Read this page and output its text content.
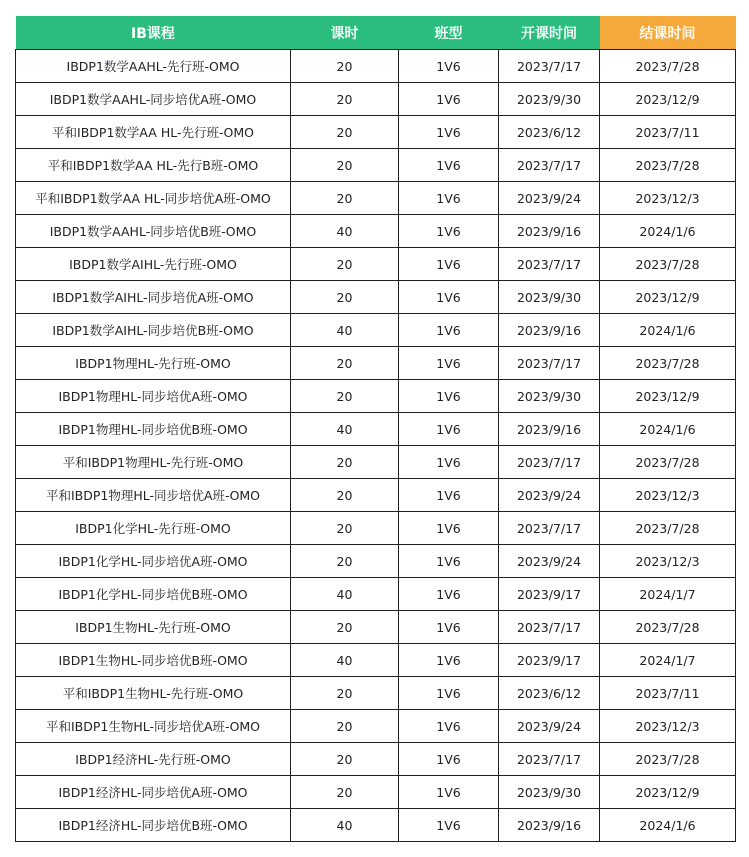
IB课程	课时	班型	开课时间	结课时间
IBDP1数学AAHL-先行班-OMO	20	1V6	2023/7/17	2023/7/28
IBDP1数学AAHL-同步培优A班-OMO	20	1V6	2023/9/30	2023/12/9
平和IBDP1数学AA HL-先行班-OMO	20	1V6	2023/6/12	2023/7/11
平和IBDP1数学AA HL-先行B班-OMO	20	1V6	2023/7/17	2023/7/28
平和IBDP1数学AA HL-同步培优A班-OMO	20	1V6	2023/9/24	2023/12/3
IBDP1数学AAHL-同步培优B班-OMO	40	1V6	2023/9/16	2024/1/6
IBDP1数学AIHL-先行班-OMO	20	1V6	2023/7/17	2023/7/28
IBDP1数学AIHL-同步培优A班-OMO	20	1V6	2023/9/30	2023/12/9
IBDP1数学AIHL-同步培优B班-OMO	40	1V6	2023/9/16	2024/1/6
IBDP1物理HL-先行班-OMO	20	1V6	2023/7/17	2023/7/28
IBDP1物理HL-同步培优A班-OMO	20	1V6	2023/9/30	2023/12/9
IBDP1物理HL-同步培优B班-OMO	40	1V6	2023/9/16	2024/1/6
平和IBDP1物理HL-先行班-OMO	20	1V6	2023/7/17	2023/7/28
平和IBDP1物理HL-同步培优A班-OMO	20	1V6	2023/9/24	2023/12/3
IBDP1化学HL-先行班-OMO	20	1V6	2023/7/17	2023/7/28
IBDP1化学HL-同步培优A班-OMO	20	1V6	2023/9/24	2023/12/3
IBDP1化学HL-同步培优B班-OMO	40	1V6	2023/9/17	2024/1/7
IBDP1生物HL-先行班-OMO	20	1V6	2023/7/17	2023/7/28
IBDP1生物HL-同步培优B班-OMO	40	1V6	2023/9/17	2024/1/7
平和IBDP1生物HL-先行班-OMO	20	1V6	2023/6/12	2023/7/11
平和IBDP1生物HL-同步培优A班-OMO	20	1V6	2023/9/24	2023/12/3
IBDP1经济HL-先行班-OMO	20	1V6	2023/7/17	2023/7/28
IBDP1经济HL-同步培优A班-OMO	20	1V6	2023/9/30	2023/12/9
IBDP1经济HL-同步培优B班-OMO	40	1V6	2023/9/16	2024/1/6
